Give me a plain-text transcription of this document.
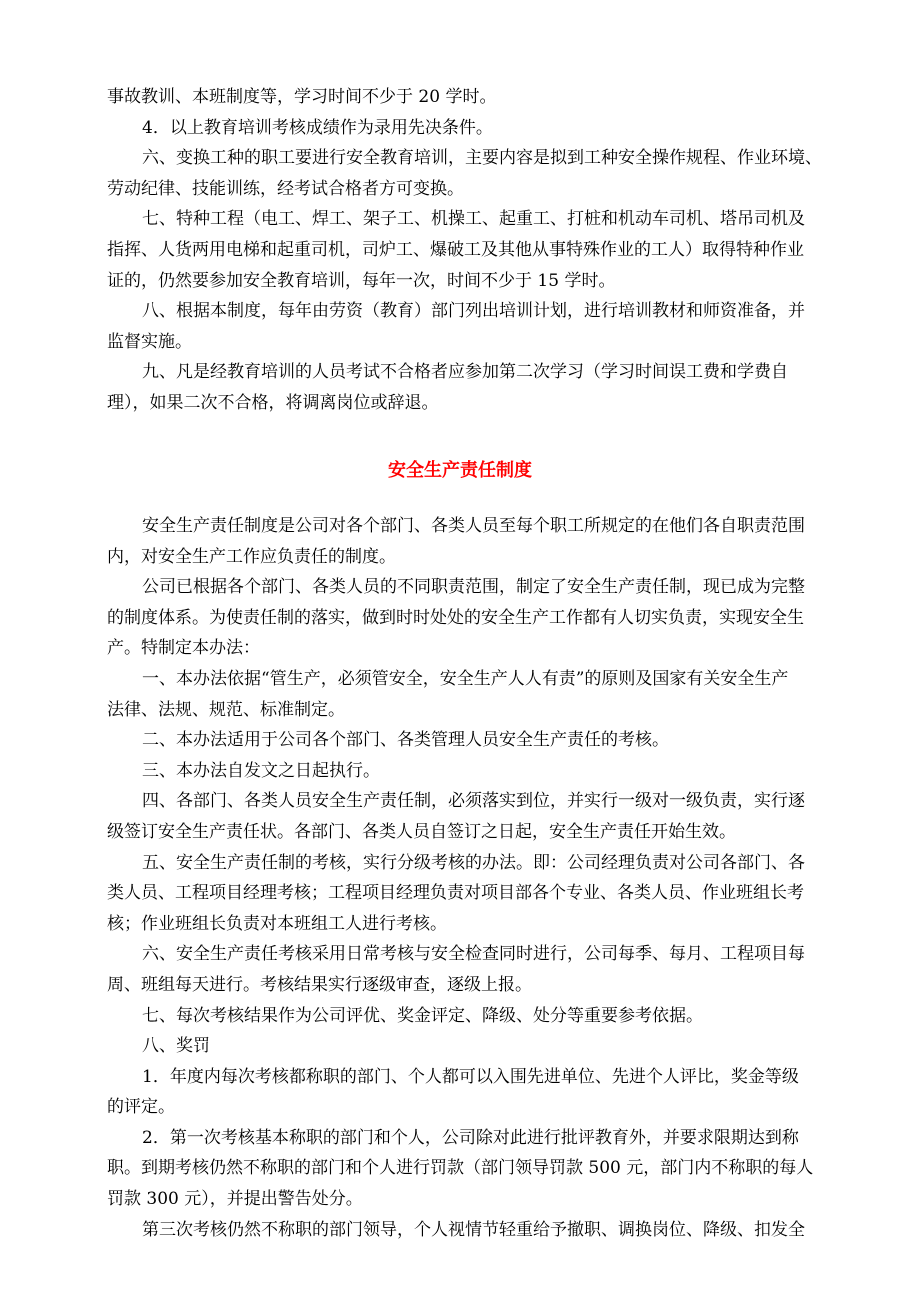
事故教训、本班制度等，学习时间不少于 20 学时。
4．以上教育培训考核成绩作为录用先决条件。
六、变换工种的职工要进行安全教育培训，主要内容是拟到工种安全操作规程、作业环境、
劳动纪律、技能训练，经考试合格者方可变换。
七、特种工程（电工、焊工、架子工、机操工、起重工、打桩和机动车司机、塔吊司机及
指挥、人货两用电梯和起重司机，司炉工、爆破工及其他从事特殊作业的工人）取得特种作业
证的，仍然要参加安全教育培训，每年一次，时间不少于 15 学时。
八、根据本制度，每年由劳资（教育）部门列出培训计划，进行培训教材和师资准备，并
监督实施。
九、凡是经教育培训的人员考试不合格者应参加第二次学习（学习时间误工费和学费自
理），如果二次不合格，将调离岗位或辞退。
安全生产责任制度
安全生产责任制度是公司对各个部门、各类人员至每个职工所规定的在他们各自职责范围
内，对安全生产工作应负责任的制度。
公司已根据各个部门、各类人员的不同职责范围，制定了安全生产责任制，现已成为完整
的制度体系。为使责任制的落实，做到时时处处的安全生产工作都有人切实负责，实现安全生
产。特制定本办法：
一、本办法依据“管生产，必须管安全，安全生产人人有责”的原则及国家有关安全生产
法律、法规、规范、标准制定。
二、本办法适用于公司各个部门、各类管理人员安全生产责任的考核。
三、本办法自发文之日起执行。
四、各部门、各类人员安全生产责任制，必须落实到位，并实行一级对一级负责，实行逐
级签订安全生产责任状。各部门、各类人员自签订之日起，安全生产责任开始生效。
五、安全生产责任制的考核，实行分级考核的办法。即：公司经理负责对公司各部门、各
类人员、工程项目经理考核；工程项目经理负责对项目部各个专业、各类人员、作业班组长考
核；作业班组长负责对本班组工人进行考核。
六、安全生产责任考核采用日常考核与安全检查同时进行，公司每季、每月、工程项目每
周、班组每天进行。考核结果实行逐级审查，逐级上报。
七、每次考核结果作为公司评优、奖金评定、降级、处分等重要参考依据。
八、奖罚
1．年度内每次考核都称职的部门、个人都可以入围先进单位、先进个人评比，奖金等级
的评定。
2．第一次考核基本称职的部门和个人，公司除对此进行批评教育外，并要求限期达到称
职。到期考核仍然不称职的部门和个人进行罚款（部门领导罚款 500 元，部门内不称职的每人
罚款 300 元），并提出警告处分。
第三次考核仍然不称职的部门领导，个人视情节轻重给予撤职、调换岗位、降级、扣发全
